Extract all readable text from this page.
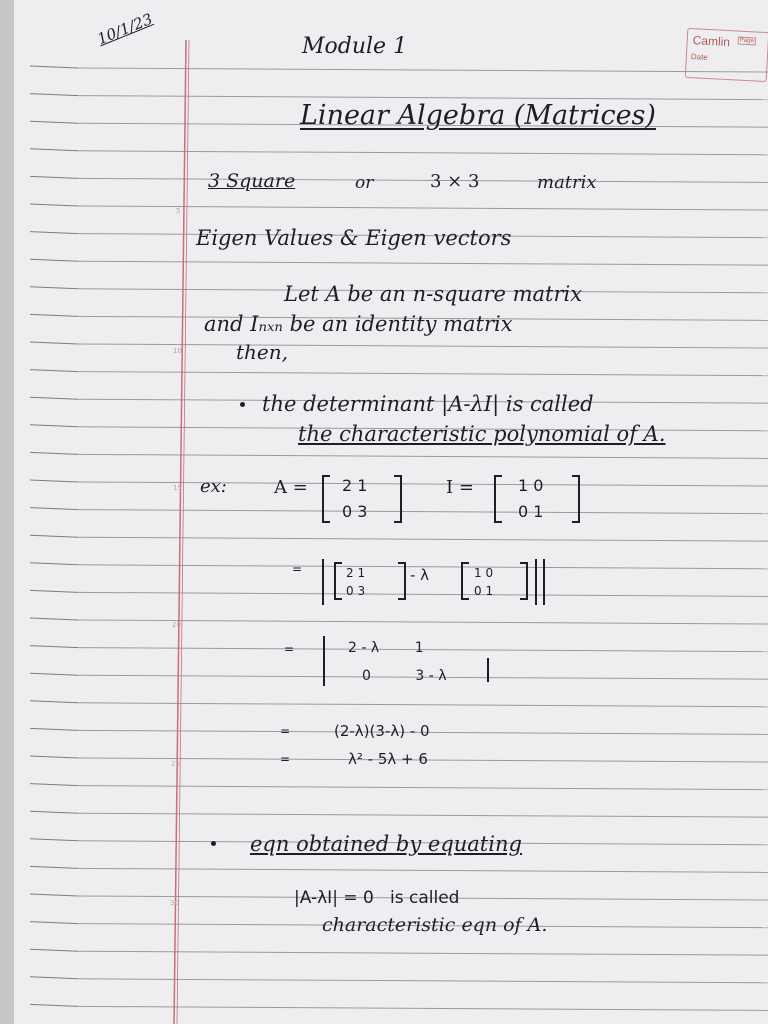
Camlin	Page
Date
5
10
15
20
25
30
10/1/23	Module 1
Linear Algebra (Matrices)
3 Square	or	3 × 3	matrix
Eigen Values & Eigen vectors
Let A be an n-square matrix
and Iₙₓₙ be an identity matrix
then,
the determinant |A-λI| is called
the characteristic polynomial of A.
ex:	A = 2 1
0 3
I =	1 0
0 1
=	2 1
0 3
- λ	1 0
0 1
=	2 - λ        1
0          3 - λ
=	(2-λ)(3-λ) - 0
=	λ² - 5λ + 6
eqn obtained by equating
|A-λI| = 0   is called
characteristic eqn of A.
